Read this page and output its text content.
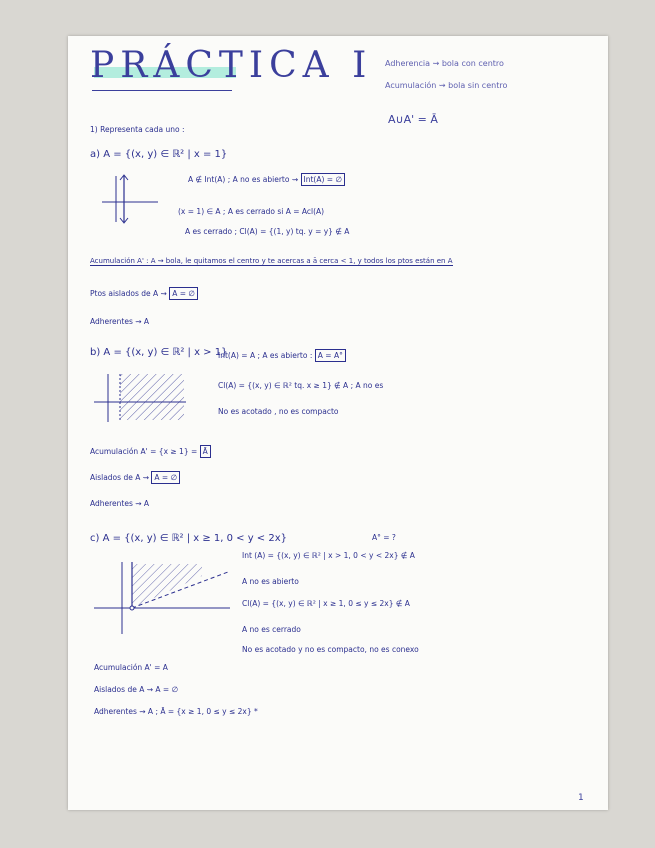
PRÁCTICA I Adherencia ⇝ bola con centro
Acumulación ⇝ bola sin centro
A∪A' = Ā
1) Representa cada uno :
a) A = {(x, y) ∈ ℝ² | x = 1}
A ∉ Int(A) ; A no es abierto ⇝ Int(A) = ∅
(x = 1) ∈ A ; A es cerrado si A = Acl(A)
A es cerrado ; Cl(A) = {(1, y) tq. y = y} ∉ A
Acumulación A' : A ⇝ bola, le quitamos el centro y te acercas a ā cerca < 1, y todos los ptos están en A
Ptos aislados de A ⇝ A = ∅
Adherentes ⇝ A
b) A = {(x, y) ∈ ℝ² | x > 1}
Int(A) = A ; A es abierto : A = A°
Cl(A) = {(x, y) ∈ ℝ² tq. x ≥ 1} ∉ A ; A no es
No es acotado , no es compacto
Acumulación A' = {x ≥ 1} = Ā
Aislados de A ⇝ A = ∅
Adherentes ⇝ A
c) A = {(x, y) ∈ ℝ² | x ≥ 1, 0 < y < 2x}	A° = ?
Int (A) = {(x, y) ∈ ℝ² | x > 1, 0 < y < 2x} ∉ A
A no es abierto
Cl(A) = {(x, y) ∈ ℝ² | x ≥ 1, 0 ≤ y ≤ 2x} ∉ A
A no es cerrado
No es acotado y no es compacto, no es conexo
Acumulación A' = A
Aislados de A ⇝ A = ∅
Adherentes ⇝ A ; Ā = {x ≥ 1, 0 ≤ y ≤ 2x} *
1
